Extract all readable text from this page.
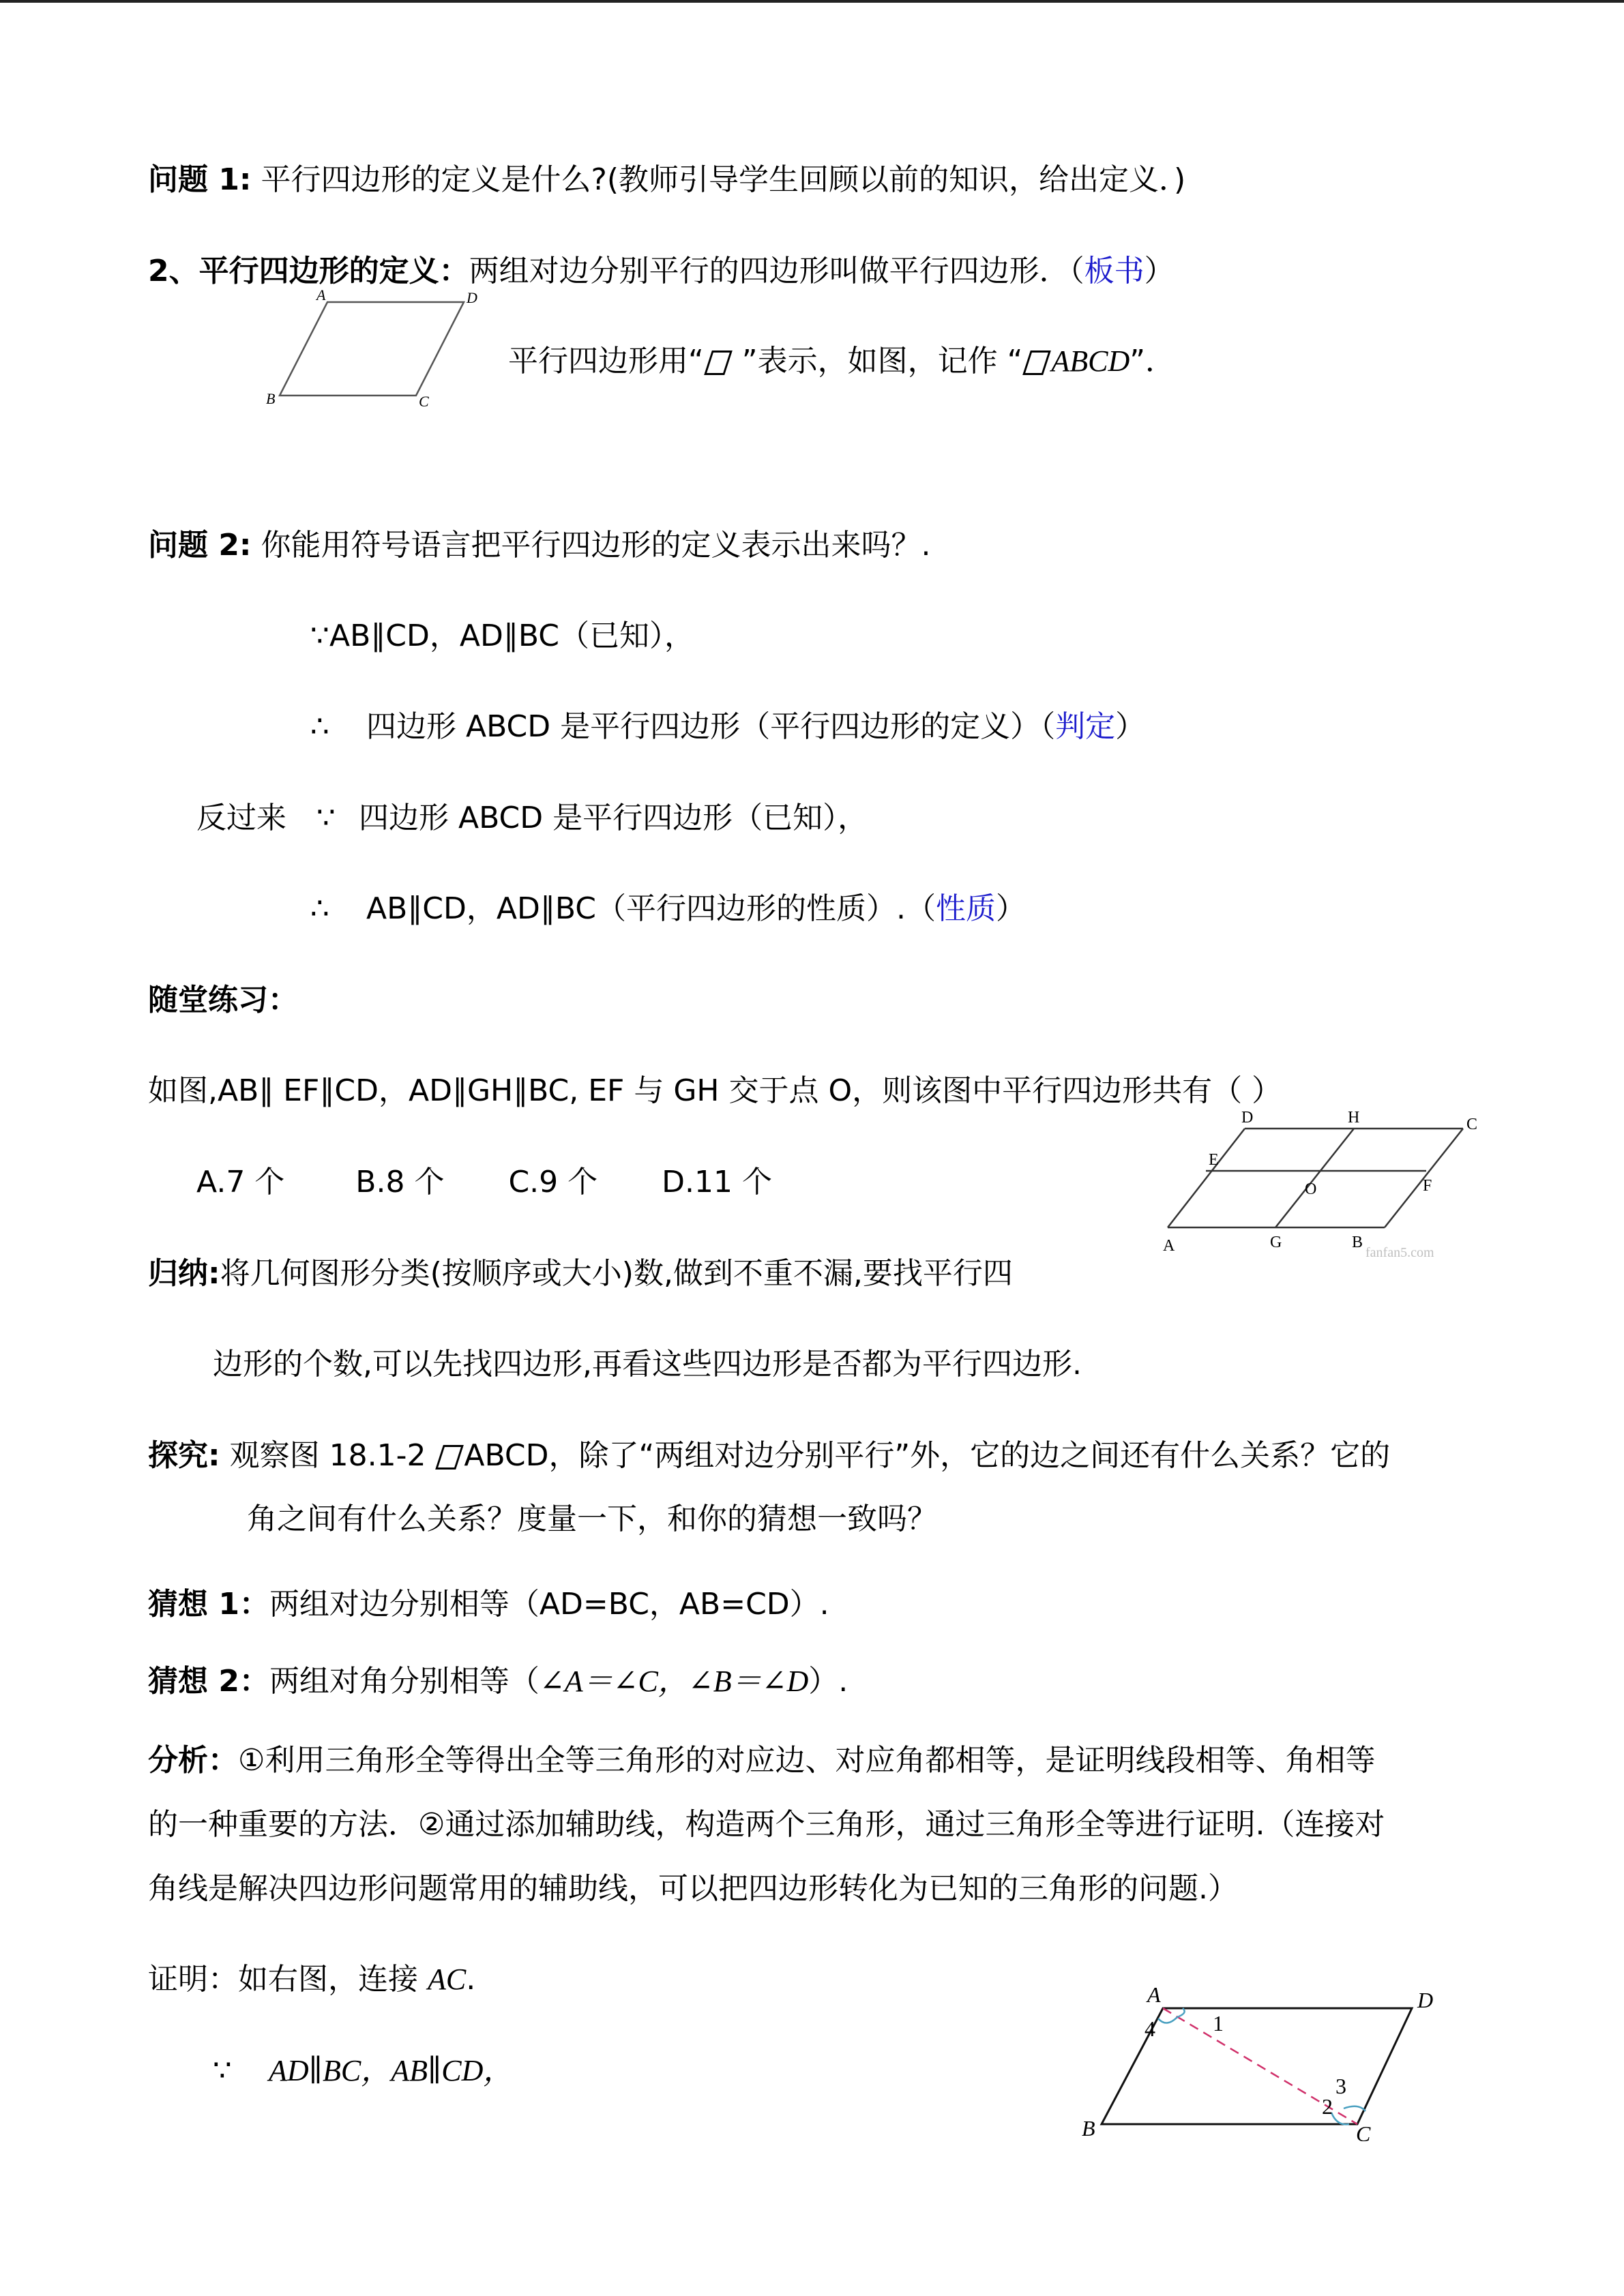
问题 1: 平行四边形的定义是什么?(教师引导学生回顾以前的知识，给出定义．)
2、平行四边形的定义：两组对边分别平行的四边形叫做平行四边形．（板书）
A	D
B	C
平行四边形用“ ”表示，如图，记作 “ ABCD”．
问题 2: 你能用符号语言把平行四边形的定义表示出来吗？.
∵AB∥CD，AD∥BC（已知），
∴ 四边形 ABCD 是平行四边形（平行四边形的定义）（判定）
反过来 ∵ 四边形 ABCD 是平行四边形（已知），
∴ AB∥CD，AD∥BC（平行四边形的性质）.（性质）
随堂练习：
如图,AB∥ EF∥CD，AD∥GH∥BC, EF 与 GH 交于点 O，则该图中平行四边形共有（ ）
A.7 个 B.8 个 C.9 个 D.11 个
D	H	C
E
O	F
A	G	B
fanfan5.com
归纳:将几何图形分类(按顺序或大小)数,做到不重不漏,要找平行四
边形的个数,可以先找四边形,再看这些四边形是否都为平行四边形.
探究: 观察图 18.1-2 ABCD，除了“两组对边分别平行”外，它的边之间还有什么关系？它的
角之间有什么关系？度量一下，和你的猜想一致吗？
猜想 1：两组对边分别相等（AD=BC，AB=CD）.
猜想 2：两组对角分别相等（∠A＝∠C，∠B＝∠D）.
分析：①利用三角形全等得出全等三角形的对应边、对应角都相等，是证明线段相等、角相等
的一种重要的方法．②通过添加辅助线，构造两个三角形，通过三角形全等进行证明.（连接对
角线是解决四边形问题常用的辅助线，可以把四边形转化为已知的三角形的问题.）
证明：如右图，连接 AC.
∵ AD∥BC，AB∥CD，
A	D
B	C
4	1
2
3
